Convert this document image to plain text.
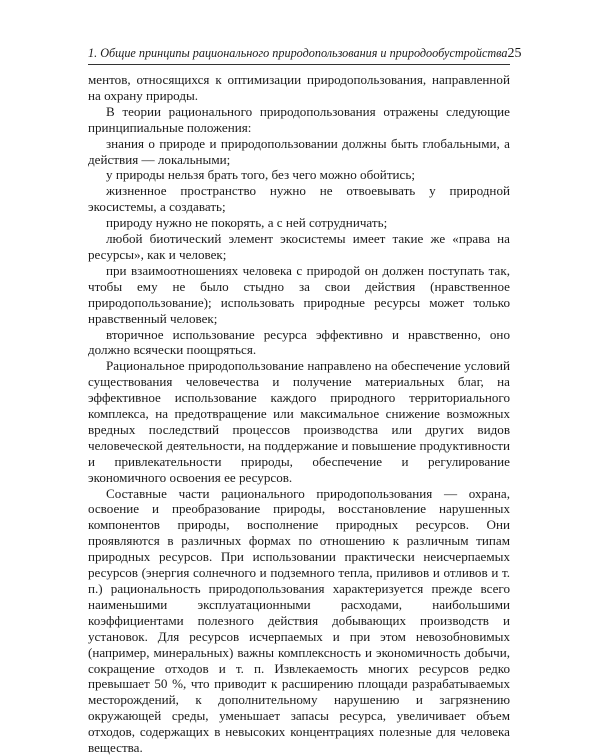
1. Общие принципы рационального природопользования и природообустройства 25

ментов, относящихся к оптимизации природопользования, направленной на охрану природы.

В теории рационального природопользования отражены следующие принципиальные положения:

знания о природе и природопользовании должны быть глобальными, а действия — локальными;

у природы нельзя брать того, без чего можно обойтись;

жизненное пространство нужно не отвоевывать у природной экосистемы, а создавать;

природу нужно не покорять, а с ней сотрудничать;

любой биотический элемент экосистемы имеет такие же «права на ресурсы», как и человек;

при взаимоотношениях человека с природой он должен поступать так, чтобы ему не было стыдно за свои действия (нравственное природопользование); использовать природные ресурсы может только нравственный человек;

вторичное использование ресурса эффективно и нравственно, оно должно всячески поощряться.

Рациональное природопользование направлено на обеспечение условий существования человечества и получение материальных благ, на эффективное использование каждого природного территориального комплекса, на предотвращение или максимальное снижение возможных вредных последствий процессов производства или других видов человеческой деятельности, на поддержание и повышение продуктивности и привлекательности природы, обеспечение и регулирование экономичного освоения ее ресурсов.

Составные части рационального природопользования — охрана, освоение и преобразование природы, восстановление нарушенных компонентов природы, восполнение природных ресурсов. Они проявляются в различных формах по отношению к различным типам природных ресурсов. При использовании практически неисчерпаемых ресурсов (энергия солнечного и подземного тепла, приливов и отливов и т. п.) рациональность природопользования характеризуется прежде всего наименьшими эксплуатационными расходами, наибольшими коэффициентами полезного действия добывающих производств и установок. Для ресурсов исчерпаемых и при этом невозобновимых (например, минеральных) важны комплексность и экономичность добычи, сокращение отходов и т. п. Извлекаемость многих ресурсов редко превышает 50 %, что приводит к расширению площади разрабатываемых месторождений, к дополнительному нарушению и загрязнению окружающей среды, уменьшает запасы ресурса, увеличивает объем отходов, содержащих в невысоких концентрациях полезные для человека вещества.
